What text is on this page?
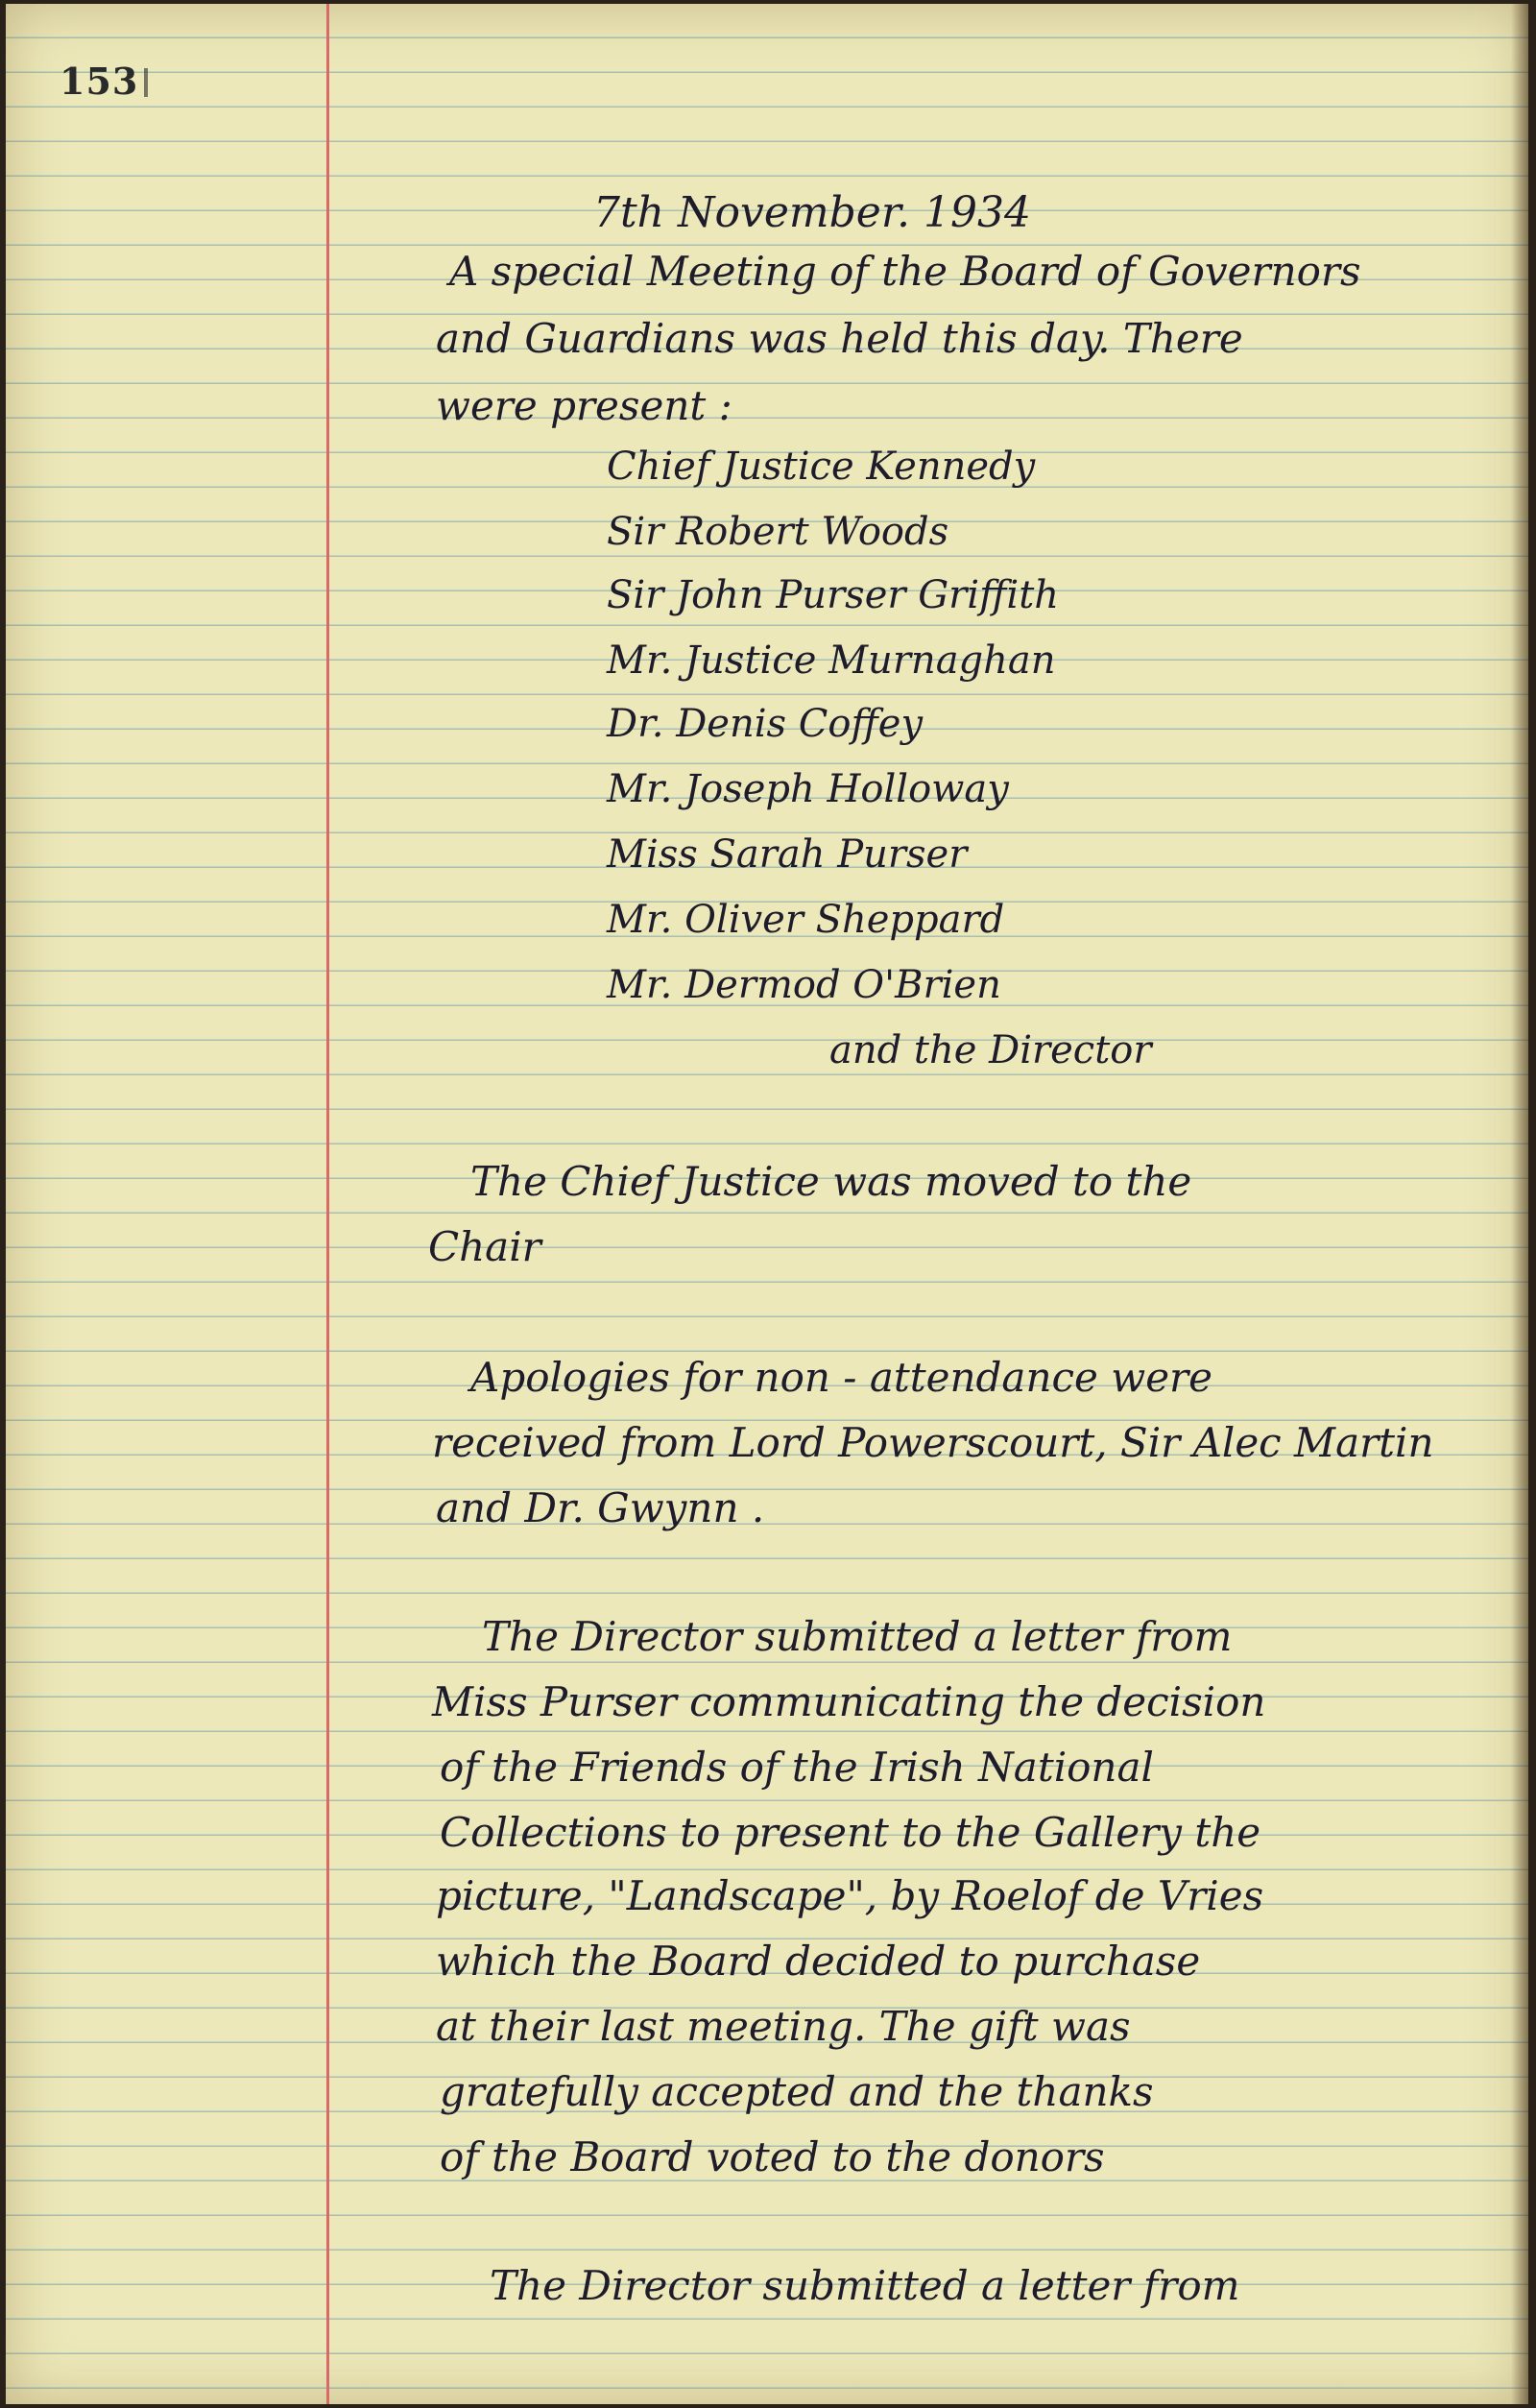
153
7th November. 1934
A special Meeting of the Board of Governors
and Guardians was held this day. There
were present :
Chief Justice Kennedy
Sir Robert Woods
Sir John Purser Griffith
Mr. Justice Murnaghan
Dr. Denis Coffey
Mr. Joseph Holloway
Miss Sarah Purser
Mr. Oliver Sheppard
Mr. Dermod O'Brien
and the Director
The Chief Justice was moved to the
Chair
Apologies for non - attendance were
received from Lord Powerscourt, Sir Alec Martin
and Dr. Gwynn .
The Director submitted a letter from
Miss Purser communicating the decision
of the Friends of the Irish National
Collections to present to the Gallery the
picture, "Landscape", by Roelof de Vries
which the Board decided to purchase
at their last meeting. The gift was
gratefully accepted and the thanks
of the Board voted to the donors
The Director submitted a letter from
